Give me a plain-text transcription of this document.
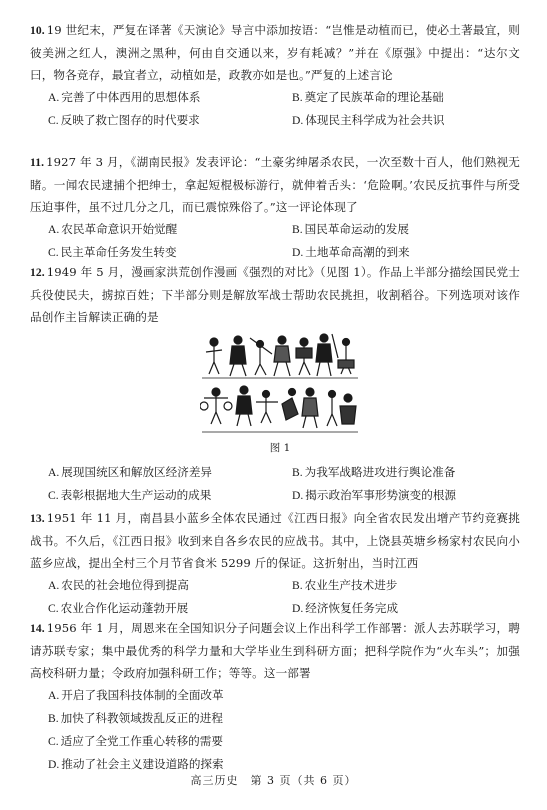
10. 19 世纪末，严复在译著《天演论》导言中添加按语：“岂惟是动植而已，使必土著最宜，则彼美洲之红人，澳洲之黑种，何由自交通以来，岁有耗减？”并在《原强》中提出：“达尔文曰，物各竞存，最宜者立，动植如是，政教亦如是也。”严复的上述言论
A. 完善了中体西用的思想体系	B. 奠定了民族革命的理论基础
C. 反映了救亡图存的时代要求	D. 体现民主科学成为社会共识
11. 1927 年 3 月，《湖南民报》发表评论：“土豪劣绅屠杀农民，一次至数十百人，他们熟视无睹。一闻农民逮捕个把绅士，拿起短棍极标游行，就伸着舌头：‘危险啊。’农民反抗事件与所受压迫事件，虽不过几分之几，而已震惊殊俗了。”这一评论体现了
A. 农民革命意识开始觉醒	B. 国民革命运动的发展
C. 民主革命任务发生转变	D. 土地革命高潮的到来
12. 1949 年 5 月，漫画家洪荒创作漫画《强烈的对比》（见图 1）。作品上半部分描绘国民党士兵役使民夫，掳掠百姓；下半部分则是解放军战士帮助农民挑担，收割稻谷。下列选项对该作品创作主旨解读正确的是
图 1
A. 展现国统区和解放区经济差异	B. 为我军战略进攻进行舆论准备
C. 表彰根据地大生产运动的成果	D. 揭示政治军事形势演变的根源
13. 1951 年 11 月，南昌县小蓝乡全体农民通过《江西日报》向全省农民发出增产节约竞赛挑战书。不久后，《江西日报》收到来自各乡农民的应战书。其中，上饶县英塘乡杨家村农民向小蓝乡应战，提出全村三个月节省食米 5299 斤的保证。这折射出，当时江西
A. 农民的社会地位得到提高	B. 农业生产技术进步
C. 农业合作化运动蓬勃开展	D. 经济恢复任务完成
14. 1956 年 1 月，周恩来在全国知识分子问题会议上作出科学工作部署：派人去苏联学习，聘请苏联专家；集中最优秀的科学力量和大学毕业生到科研方面；把科学院作为“火车头”；加强高校科研力量；令政府加强科研工作；等等。这一部署
A. 开启了我国科技体制的全面改革
B. 加快了科教领域拨乱反正的进程
C. 适应了全党工作重心转移的需要
D. 推动了社会主义建设道路的探索
高三历史　第 3 页（共 6 页）
